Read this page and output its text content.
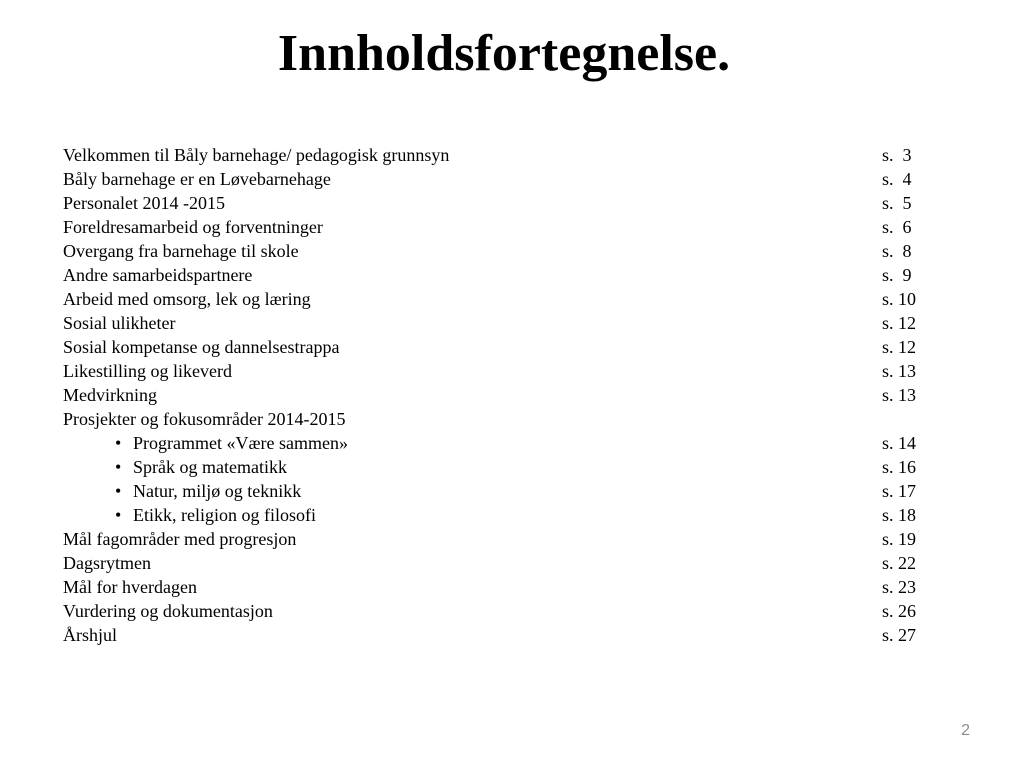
Innholdsfortegnelse.
Velkommen til Båly barnehage/ pedagogisk grunnsyn	s.  3
Båly barnehage er en Løvebarnehage	s.  4
Personalet 2014 -2015	s.  5
Foreldresamarbeid og forventninger	s.  6
Overgang fra barnehage til skole	s.  8
Andre samarbeidspartnere	s.  9
Arbeid med omsorg, lek og læring	s. 10
Sosial ulikheter	s. 12
Sosial kompetanse og dannelsestrappa	s. 12
Likestilling og likeverd	s. 13
Medvirkning	s. 13
Prosjekter og fokusområder 2014-2015
• Programmet «Være sammen»	s. 14
• Språk og matematikk	s. 16
• Natur, miljø og teknikk	s. 17
• Etikk, religion og filosofi	s. 18
Mål fagområder med progresjon	s. 19
Dagsrytmen	s. 22
Mål for hverdagen	s. 23
Vurdering og dokumentasjon	s. 26
Årshjul	s. 27
2
